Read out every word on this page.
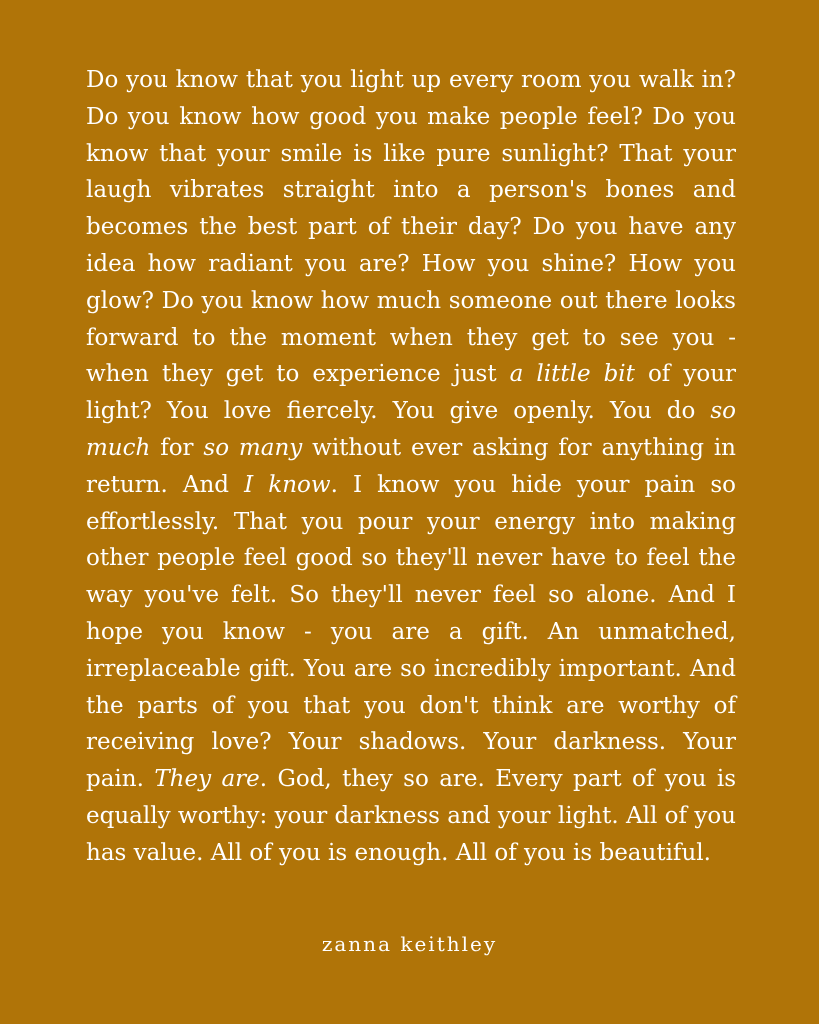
Do you know that you light up every room you walk in? Do you know how good you make people feel? Do you know that your smile is like pure sunlight? That your laugh vibrates straight into a person's bones and becomes the best part of their day? Do you have any idea how radiant you are? How you shine? How you glow? Do you know how much someone out there looks forward to the moment when they get to see you - when they get to experience just a little bit of your light? You love fiercely. You give openly. You do so much for so many without ever asking for anything in return. And I know. I know you hide your pain so effortlessly. That you pour your energy into making other people feel good so they'll never have to feel the way you've felt. So they'll never feel so alone. And I hope you know - you are a gift. An unmatched, irreplaceable gift. You are so incredibly important. And the parts of you that you don't think are worthy of receiving love? Your shadows. Your darkness. Your pain. They are. God, they so are. Every part of you is equally worthy: your darkness and your light. All of you has value. All of you is enough. All of you is beautiful.

zanna keithley
